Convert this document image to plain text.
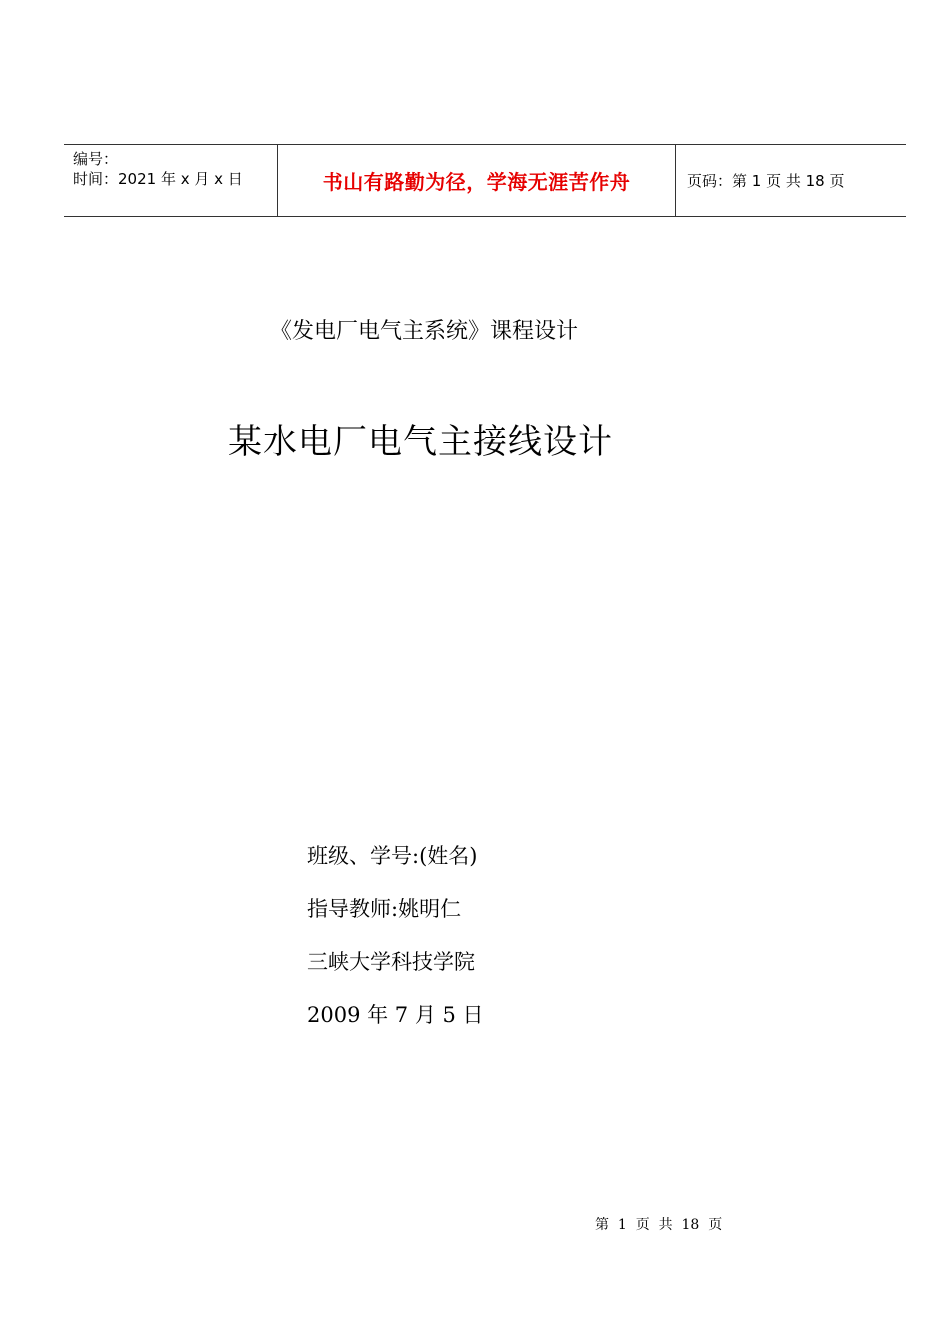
编号：
时间：2021 年 x 月 x 日	书山有路勤为径，学海无涯苦作舟	页码：第 1 页 共 18 页
《发电厂电气主系统》课程设计
某水电厂电气主接线设计
班级、学号:(姓名)
指导教师:姚明仁
三峡大学科技学院
2009 年 7 月 5 日
第  1  页  共  18  页
